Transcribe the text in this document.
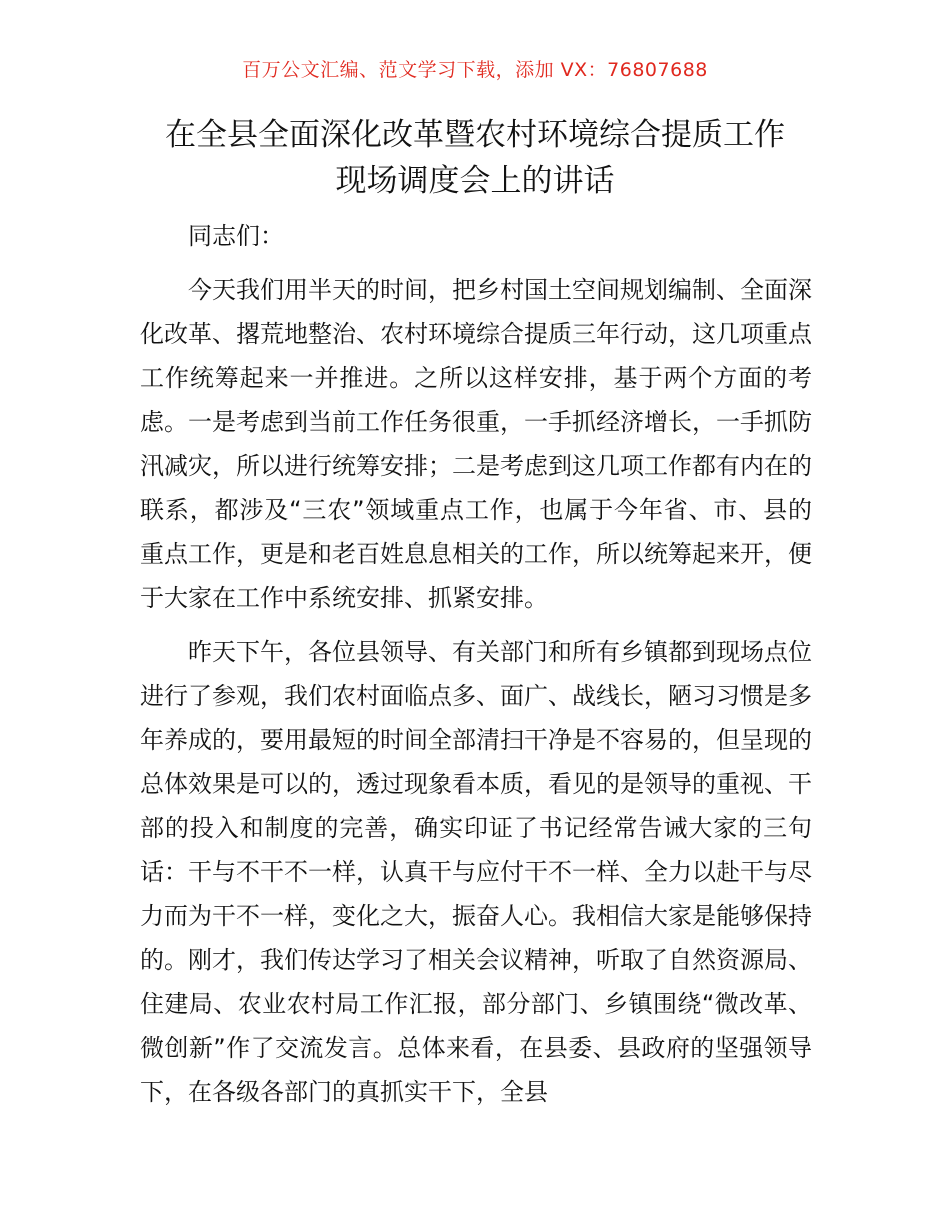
百万公文汇编、范文学习下载，添加 VX：76807688
在全县全面深化改革暨农村环境综合提质工作
现场调度会上的讲话

同志们：

今天我们用半天的时间，把乡村国土空间规划编制、全面深化改革、撂荒地整治、农村环境综合提质三年行动，这几项重点工作统筹起来一并推进。之所以这样安排，基于两个方面的考虑。一是考虑到当前工作任务很重，一手抓经济增长，一手抓防汛减灾，所以进行统筹安排；二是考虑到这几项工作都有内在的联系，都涉及“三农”领域重点工作，也属于今年省、市、县的重点工作，更是和老百姓息息相关的工作，所以统筹起来开，便于大家在工作中系统安排、抓紧安排。

昨天下午，各位县领导、有关部门和所有乡镇都到现场点位进行了参观，我们农村面临点多、面广、战线长，陋习习惯是多年养成的，要用最短的时间全部清扫干净是不容易的，但呈现的总体效果是可以的，透过现象看本质，看见的是领导的重视、干部的投入和制度的完善，确实印证了书记经常告诫大家的三句话：干与不干不一样，认真干与应付干不一样、全力以赴干与尽力而为干不一样，变化之大，振奋人心。我相信大家是能够保持的。刚才，我们传达学习了相关会议精神，听取了自然资源局、住建局、农业农村局工作汇报，部分部门、乡镇围绕“微改革、微创新”作了交流发言。总体来看，在县委、县政府的坚强领导下，在各级各部门的真抓实干下，全县
